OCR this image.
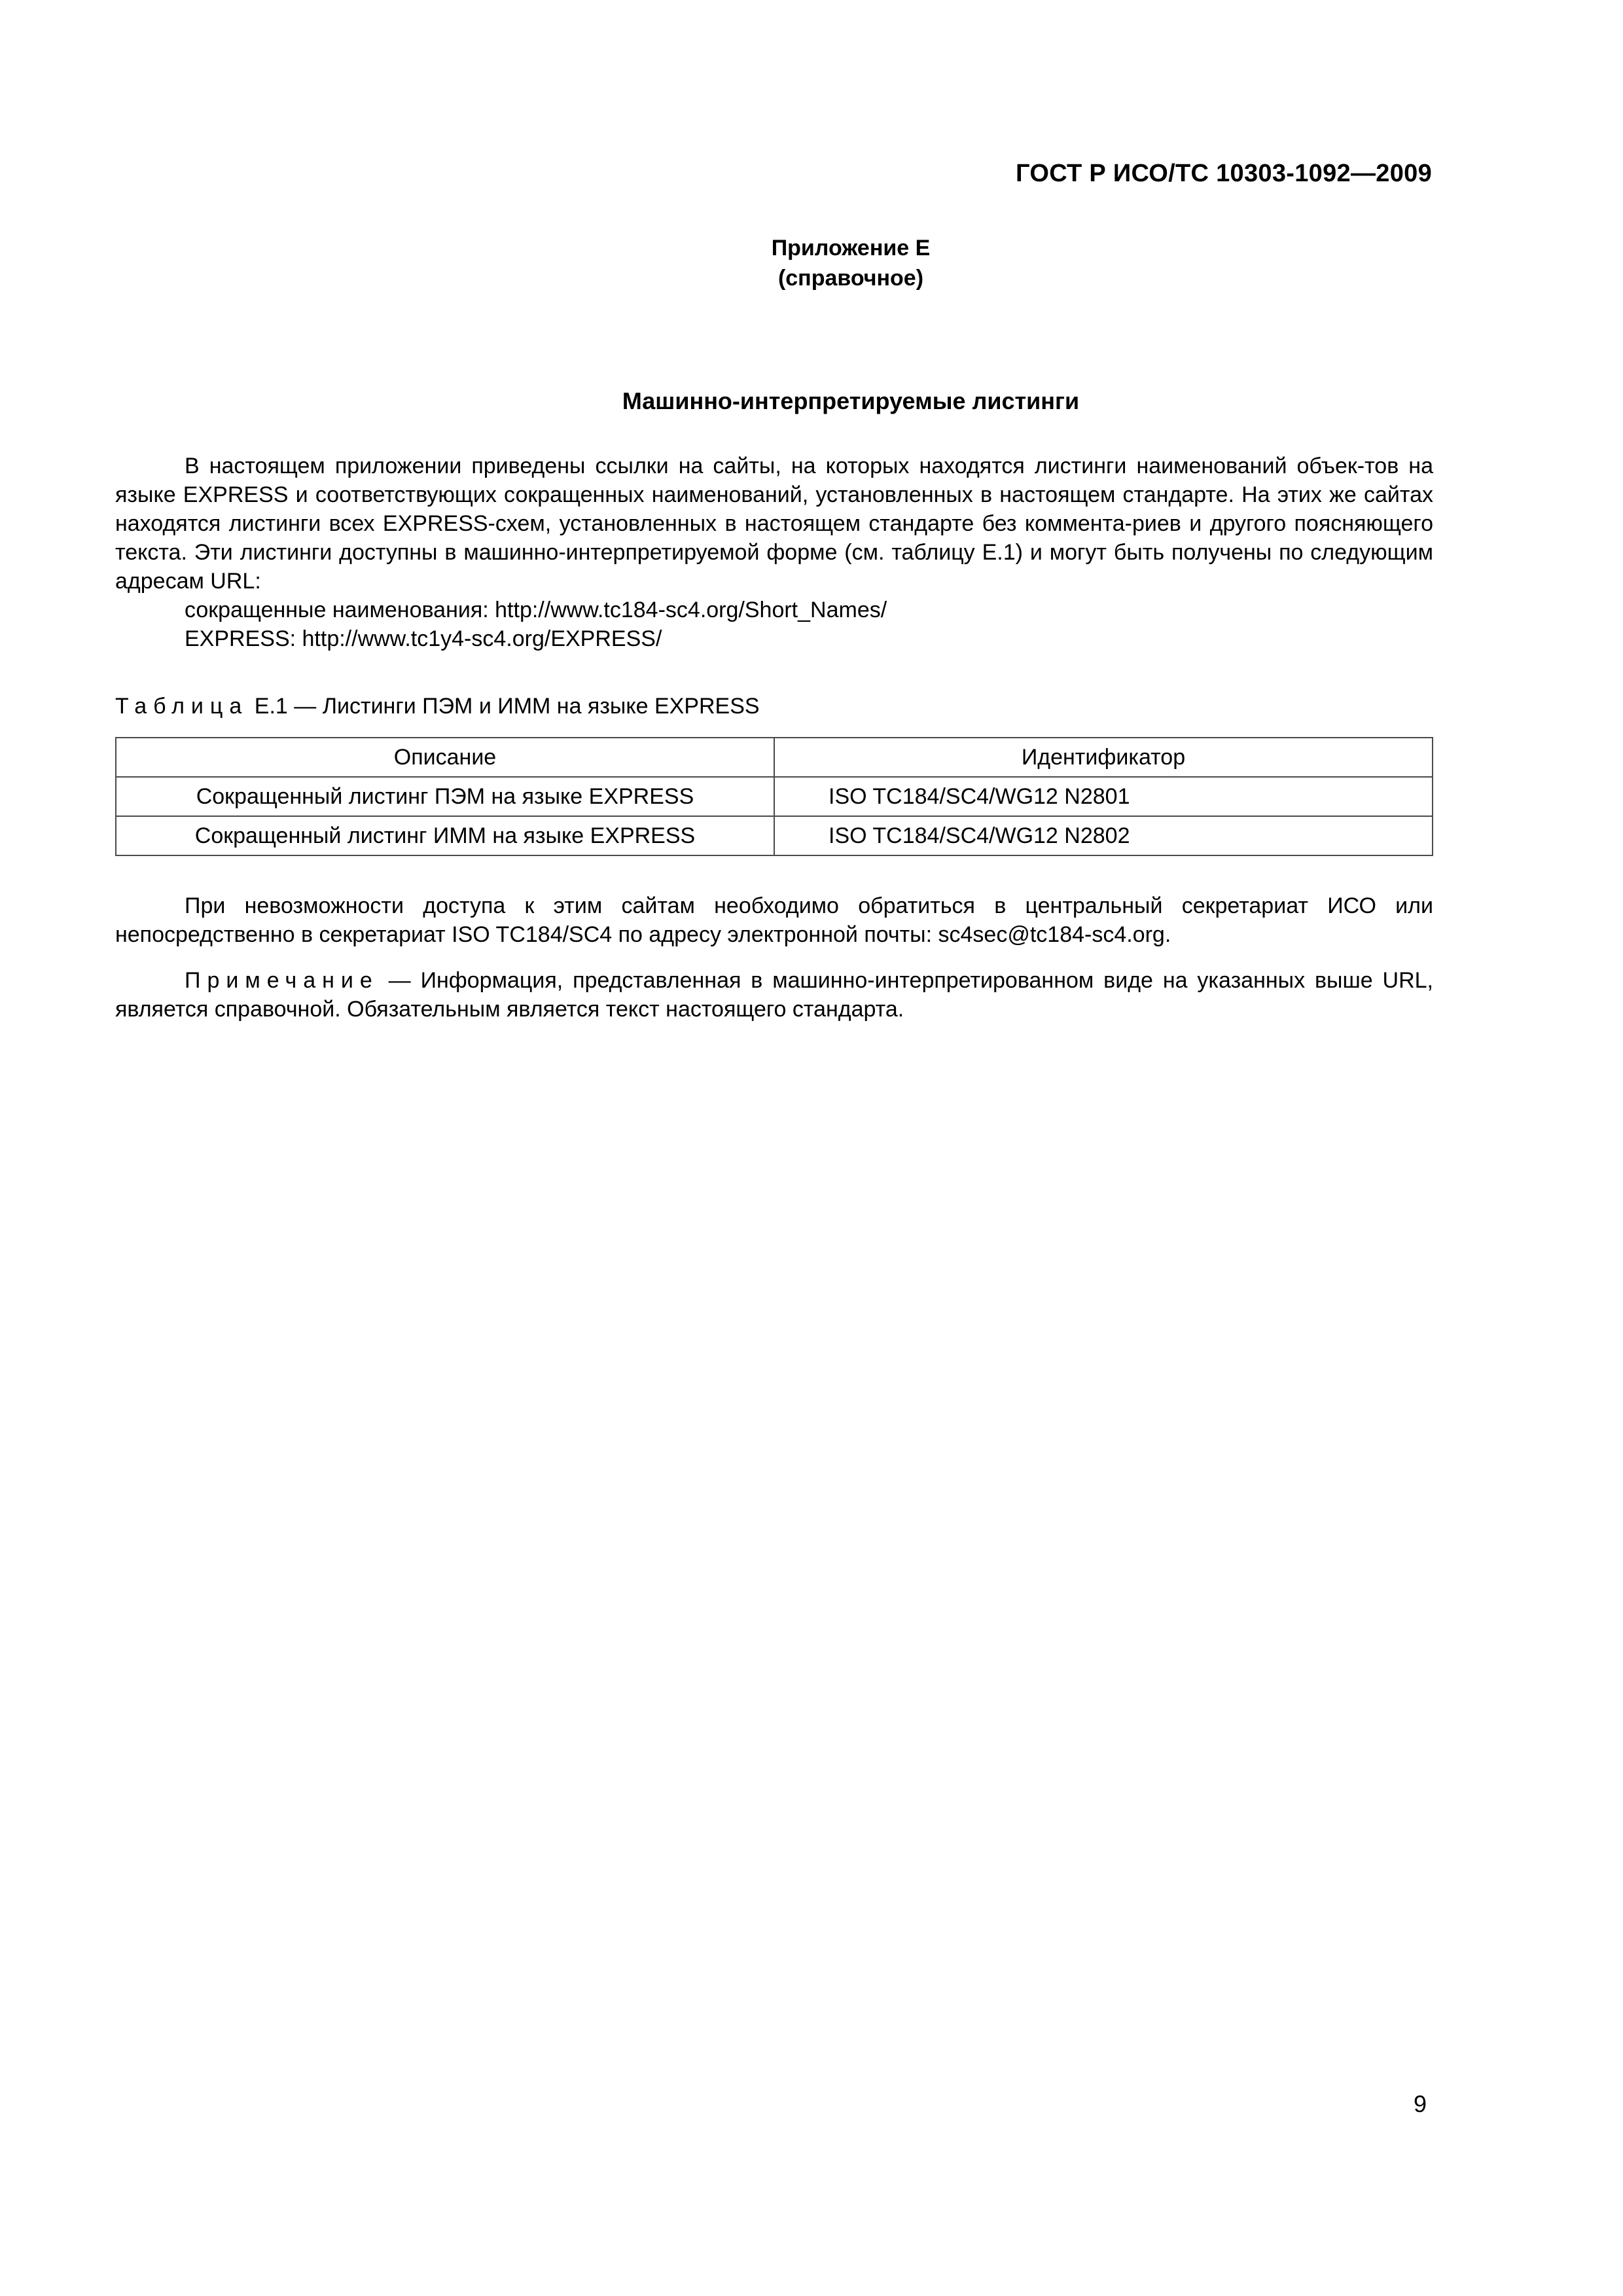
ГОСТ Р ИСО/ТС 10303-1092—2009
Приложение Е
(справочное)
Машинно-интерпретируемые листинги

В настоящем приложении приведены ссылки на сайты, на которых находятся листинги наименований объек-тов на языке EXPRESS и соответствующих сокращенных наименований, установленных в настоящем стандарте. На этих же сайтах находятся листинги всех EXPRESS-схем, установленных в настоящем стандарте без коммента-риев и другого поясняющего текста. Эти листинги доступны в машинно-интерпретируемой форме (см. таблицу Е.1) и могут быть получены по следующим адресам URL:

сокращенные наименования: http://www.tc184-sc4.org/Short_Names/

EXPRESS: http://www.tc1y4-sc4.org/EXPRESS/

Таблица Е.1 — Листинги ПЭМ и ИММ на языке EXPRESS
Описание	Идентификатор
Сокращенный листинг ПЭМ на языке EXPRESS	ISO TC184/SC4/WG12 N2801
Сокращенный листинг ИММ на языке EXPRESS	ISO TC184/SC4/WG12 N2802

При невозможности доступа к этим сайтам необходимо обратиться в центральный секретариат ИСО или непосредственно в секретариат ISO TC184/SC4 по адресу электронной почты: sc4sec@tc184-sc4.org.

Примечание — Информация, представленная в машинно-интерпретированном виде на указанных выше URL, является справочной. Обязательным является текст настоящего стандарта.

9
